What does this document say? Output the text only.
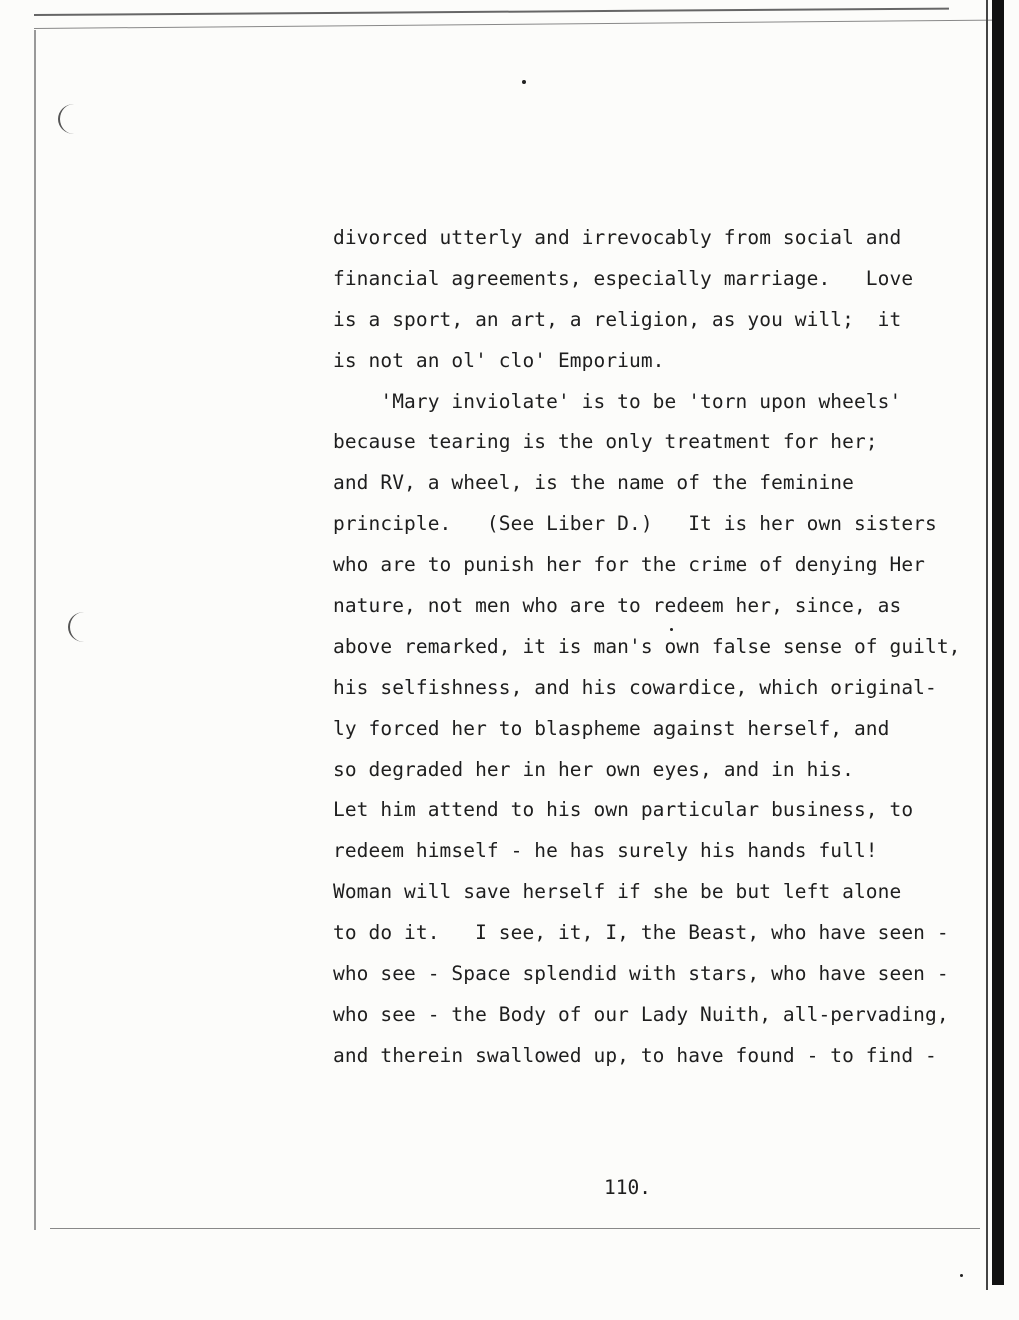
divorced utterly and irrevocably from social and
financial agreements, especially marriage.   Love
is a sport, an art, a religion, as you will;  it
is not an ol' clo' Emporium.
'Mary inviolate' is to be 'torn upon wheels'
because tearing is the only treatment for her;
and RV, a wheel, is the name of the feminine
principle.   (See Liber D.)   It is her own sisters
who are to punish her for the crime of denying Her
nature, not men who are to redeem her, since, as
above remarked, it is man's own false sense of guilt,
his selfishness, and his cowardice, which original-
ly forced her to blaspheme against herself, and
so degraded her in her own eyes, and in his.
Let him attend to his own particular business, to
redeem himself - he has surely his hands full!
Woman will save herself if she be but left alone
to do it.   I see, it, I, the Beast, who have seen -
who see - Space splendid with stars, who have seen -
who see - the Body of our Lady Nuith, all-pervading,
and therein swallowed up, to have found - to find -
110.
